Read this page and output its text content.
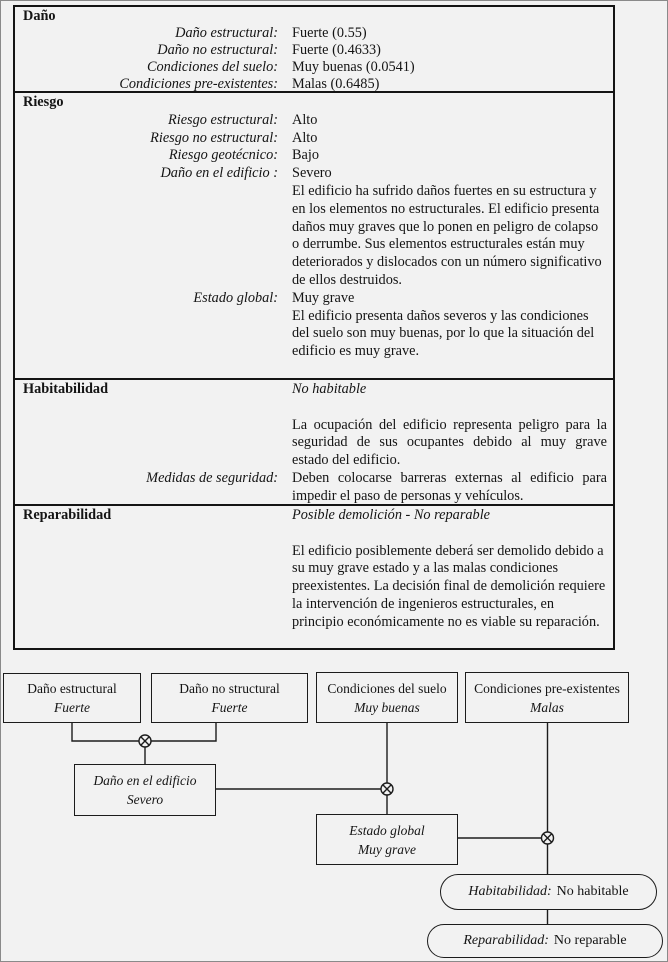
Daño
Daño estructural: Fuerte (0.55)
Daño no estructural: Fuerte (0.4633)
Condiciones del suelo: Muy buenas (0.0541)
Condiciones pre-existentes: Malas (0.6485)
Riesgo
Riesgo estructural: Alto
Riesgo no estructural: Alto
Riesgo geotécnico: Bajo
Daño en el edificio : Severo
El edificio ha sufrido daños fuertes en su estructura y en los elementos no estructurales. El edificio presenta daños muy graves que lo ponen en peligro de colapso o derrumbe. Sus elementos estructurales están muy deteriorados y dislocados con un número significativo de ellos destruidos.
Estado global: Muy grave
El edificio presenta daños severos y las condiciones del suelo son muy buenas, por lo que la situación del edificio es muy grave.
Habitabilidad	No habitable
La ocupación del edificio representa peligro para la seguridad de sus ocupantes debido al muy grave estado del edificio.
Medidas de seguridad: Deben colocarse barreras externas al edificio para impedir el paso de personas y vehículos.
Reparabilidad	Posible demolición - No reparable
El edificio posiblemente deberá ser demolido debido a su muy grave estado y a las malas condiciones preexistentes. La decisión final de demolición requiere la intervención de ingenieros estructurales, en principio económicamente no es viable su reparación.
Daño estructural
Fuerte
Daño no structural
Fuerte
Condiciones del suelo
Muy buenas
Condiciones pre-existentes
Malas
Daño en el edificio
Severo
Estado global
Muy grave
Habitabilidad: No habitable
Reparabilidad: No reparable
